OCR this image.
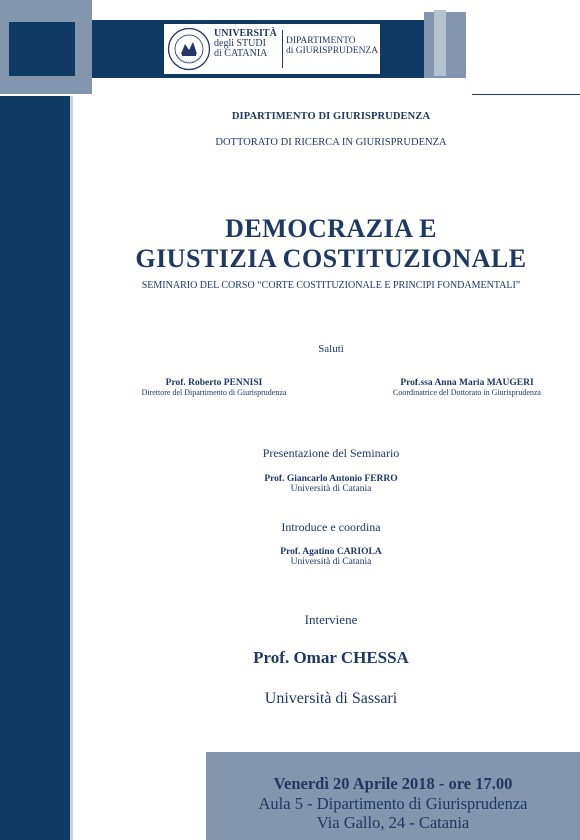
UNIVERSITÀ
degli STUDI
di CATANIA
DIPARTIMENTO
di GIURISPRUDENZA
DIPARTIMENTO DI GIURISPRUDENZA
DOTTORATO DI RICERCA IN GIURISPRUDENZA
DEMOCRAZIA E
GIUSTIZIA COSTITUZIONALE
SEMINARIO DEL CORSO “CORTE COSTITUZIONALE E PRINCIPI FONDAMENTALI”
Saluti
Prof. Roberto PENNISI
Direttore del Dipartimento di Giurisprudenza
Prof.ssa Anna Maria MAUGERI
Coordinatrice del Dottorato in Giurisprudenza
Presentazione del Seminario
Prof. Giancarlo Antonio FERRO
Università di Catania
Introduce e coordina
Prof. Agatino CARIOLA
Università di Catania
Interviene
Prof. Omar CHESSA
Università di Sassari
Venerdì 20 Aprile 2018 - ore 17.00
Aula 5 - Dipartimento di Giurisprudenza
Via Gallo, 24 - Catania
